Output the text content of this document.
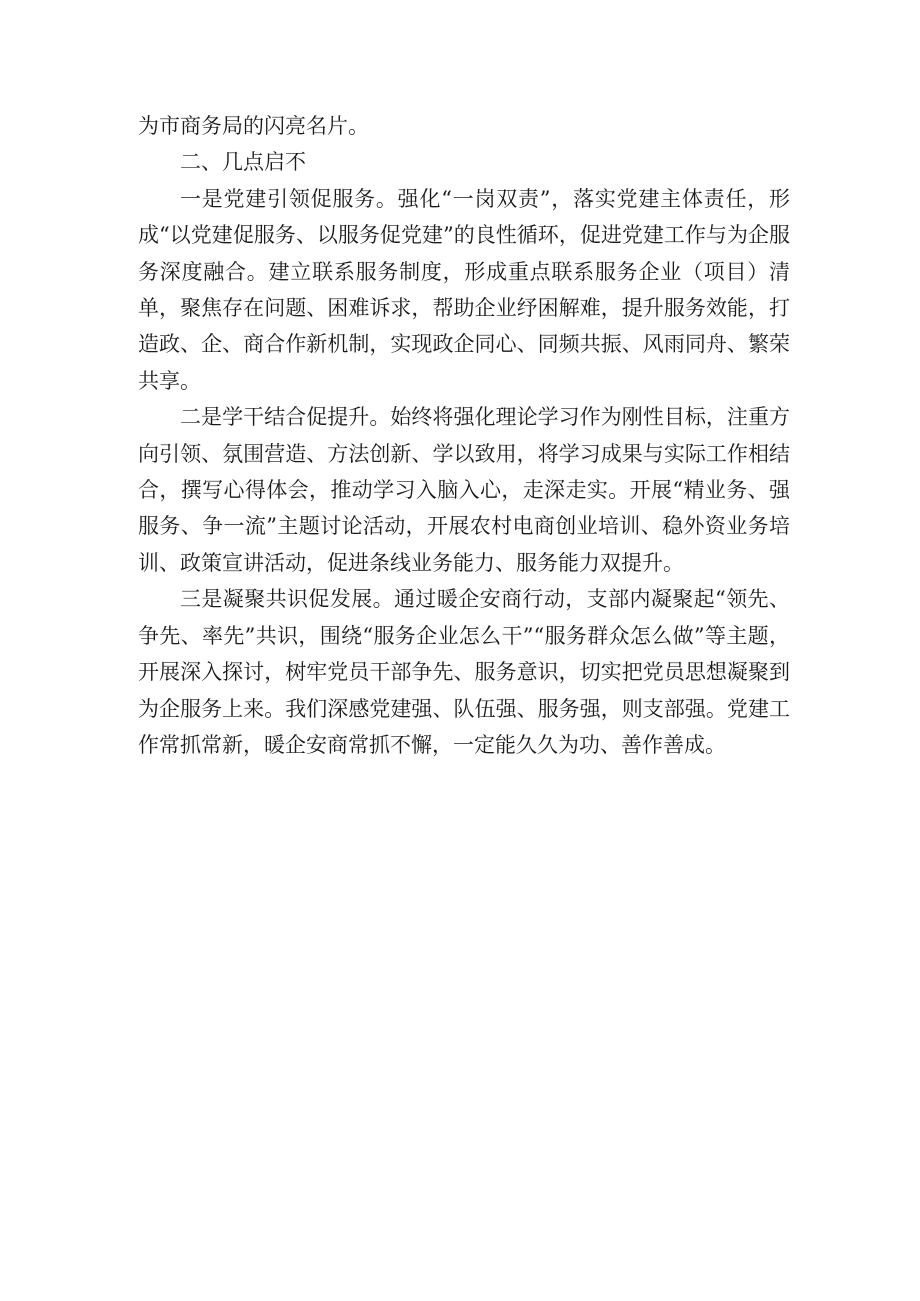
为市商务局的闪亮名片。

二、几点启不

一是党建引领促服务。强化“一岗双责”，落实党建主体责任，形成“以党建促服务、以服务促党建”的良性循环，促进党建工作与为企服务深度融合。建立联系服务制度，形成重点联系服务企业（项目）清单，聚焦存在问题、困难诉求，帮助企业纾困解难，提升服务效能，打造政、企、商合作新机制，实现政企同心、同频共振、风雨同舟、繁荣共享。

二是学干结合促提升。始终将强化理论学习作为刚性目标，注重方向引领、氛围营造、方法创新、学以致用，将学习成果与实际工作相结合，撰写心得体会，推动学习入脑入心，走深走实。开展“精业务、强服务、争一流”主题讨论活动，开展农村电商创业培训、稳外资业务培训、政策宣讲活动，促进条线业务能力、服务能力双提升。

三是凝聚共识促发展。通过暖企安商行动，支部内凝聚起“领先、争先、率先”共识，围绕“服务企业怎么干”“服务群众怎么做”等主题，开展深入探讨，树牢党员干部争先、服务意识，切实把党员思想凝聚到为企服务上来。我们深感党建强、队伍强、服务强，则支部强。党建工作常抓常新，暖企安商常抓不懈，一定能久久为功、善作善成。
